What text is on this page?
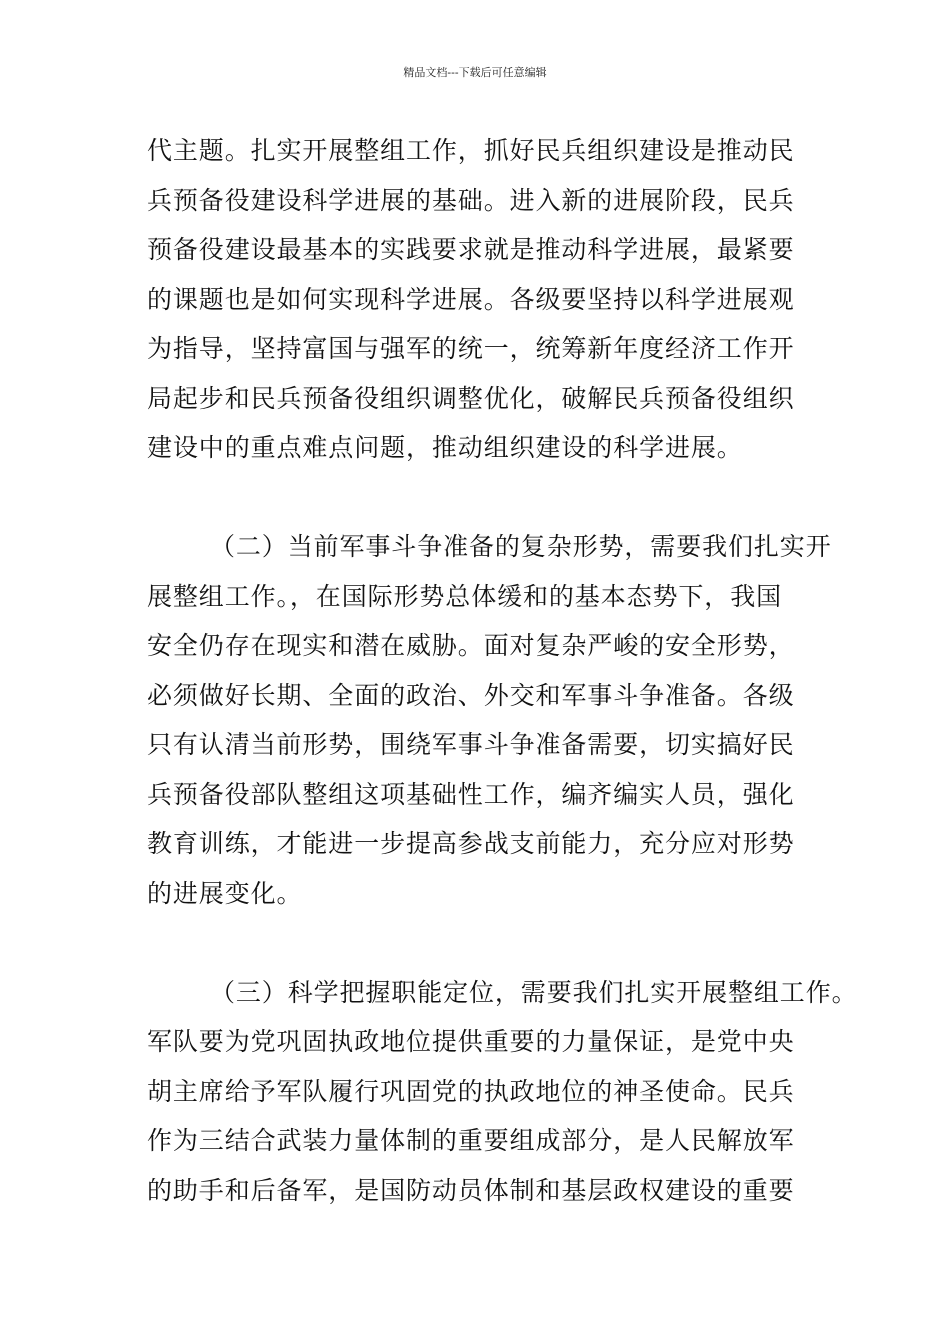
精品文档---下载后可任意编辑
代主题。扎实开展整组工作，抓好民兵组织建设是推动民
兵预备役建设科学进展的基础。进入新的进展阶段，民兵
预备役建设最基本的实践要求就是推动科学进展，最紧要
的课题也是如何实现科学进展。各级要坚持以科学进展观
为指导，坚持富国与强军的统一，统筹新年度经济工作开
局起步和民兵预备役组织调整优化，破解民兵预备役组织
建设中的重点难点问题，推动组织建设的科学进展。
（二）当前军事斗争准备的复杂形势，需要我们扎实开
展整组工作。，在国际形势总体缓和的基本态势下，我国
安全仍存在现实和潜在威胁。面对复杂严峻的安全形势，
必须做好长期、全面的政治、外交和军事斗争准备。各级
只有认清当前形势，围绕军事斗争准备需要，切实搞好民
兵预备役部队整组这项基础性工作，编齐编实人员，强化
教育训练，才能进一步提高参战支前能力，充分应对形势
的进展变化。
（三）科学把握职能定位，需要我们扎实开展整组工作。
军队要为党巩固执政地位提供重要的力量保证，是党中央
胡主席给予军队履行巩固党的执政地位的神圣使命。民兵
作为三结合武装力量体制的重要组成部分，是人民解放军
的助手和后备军，是国防动员体制和基层政权建设的重要
